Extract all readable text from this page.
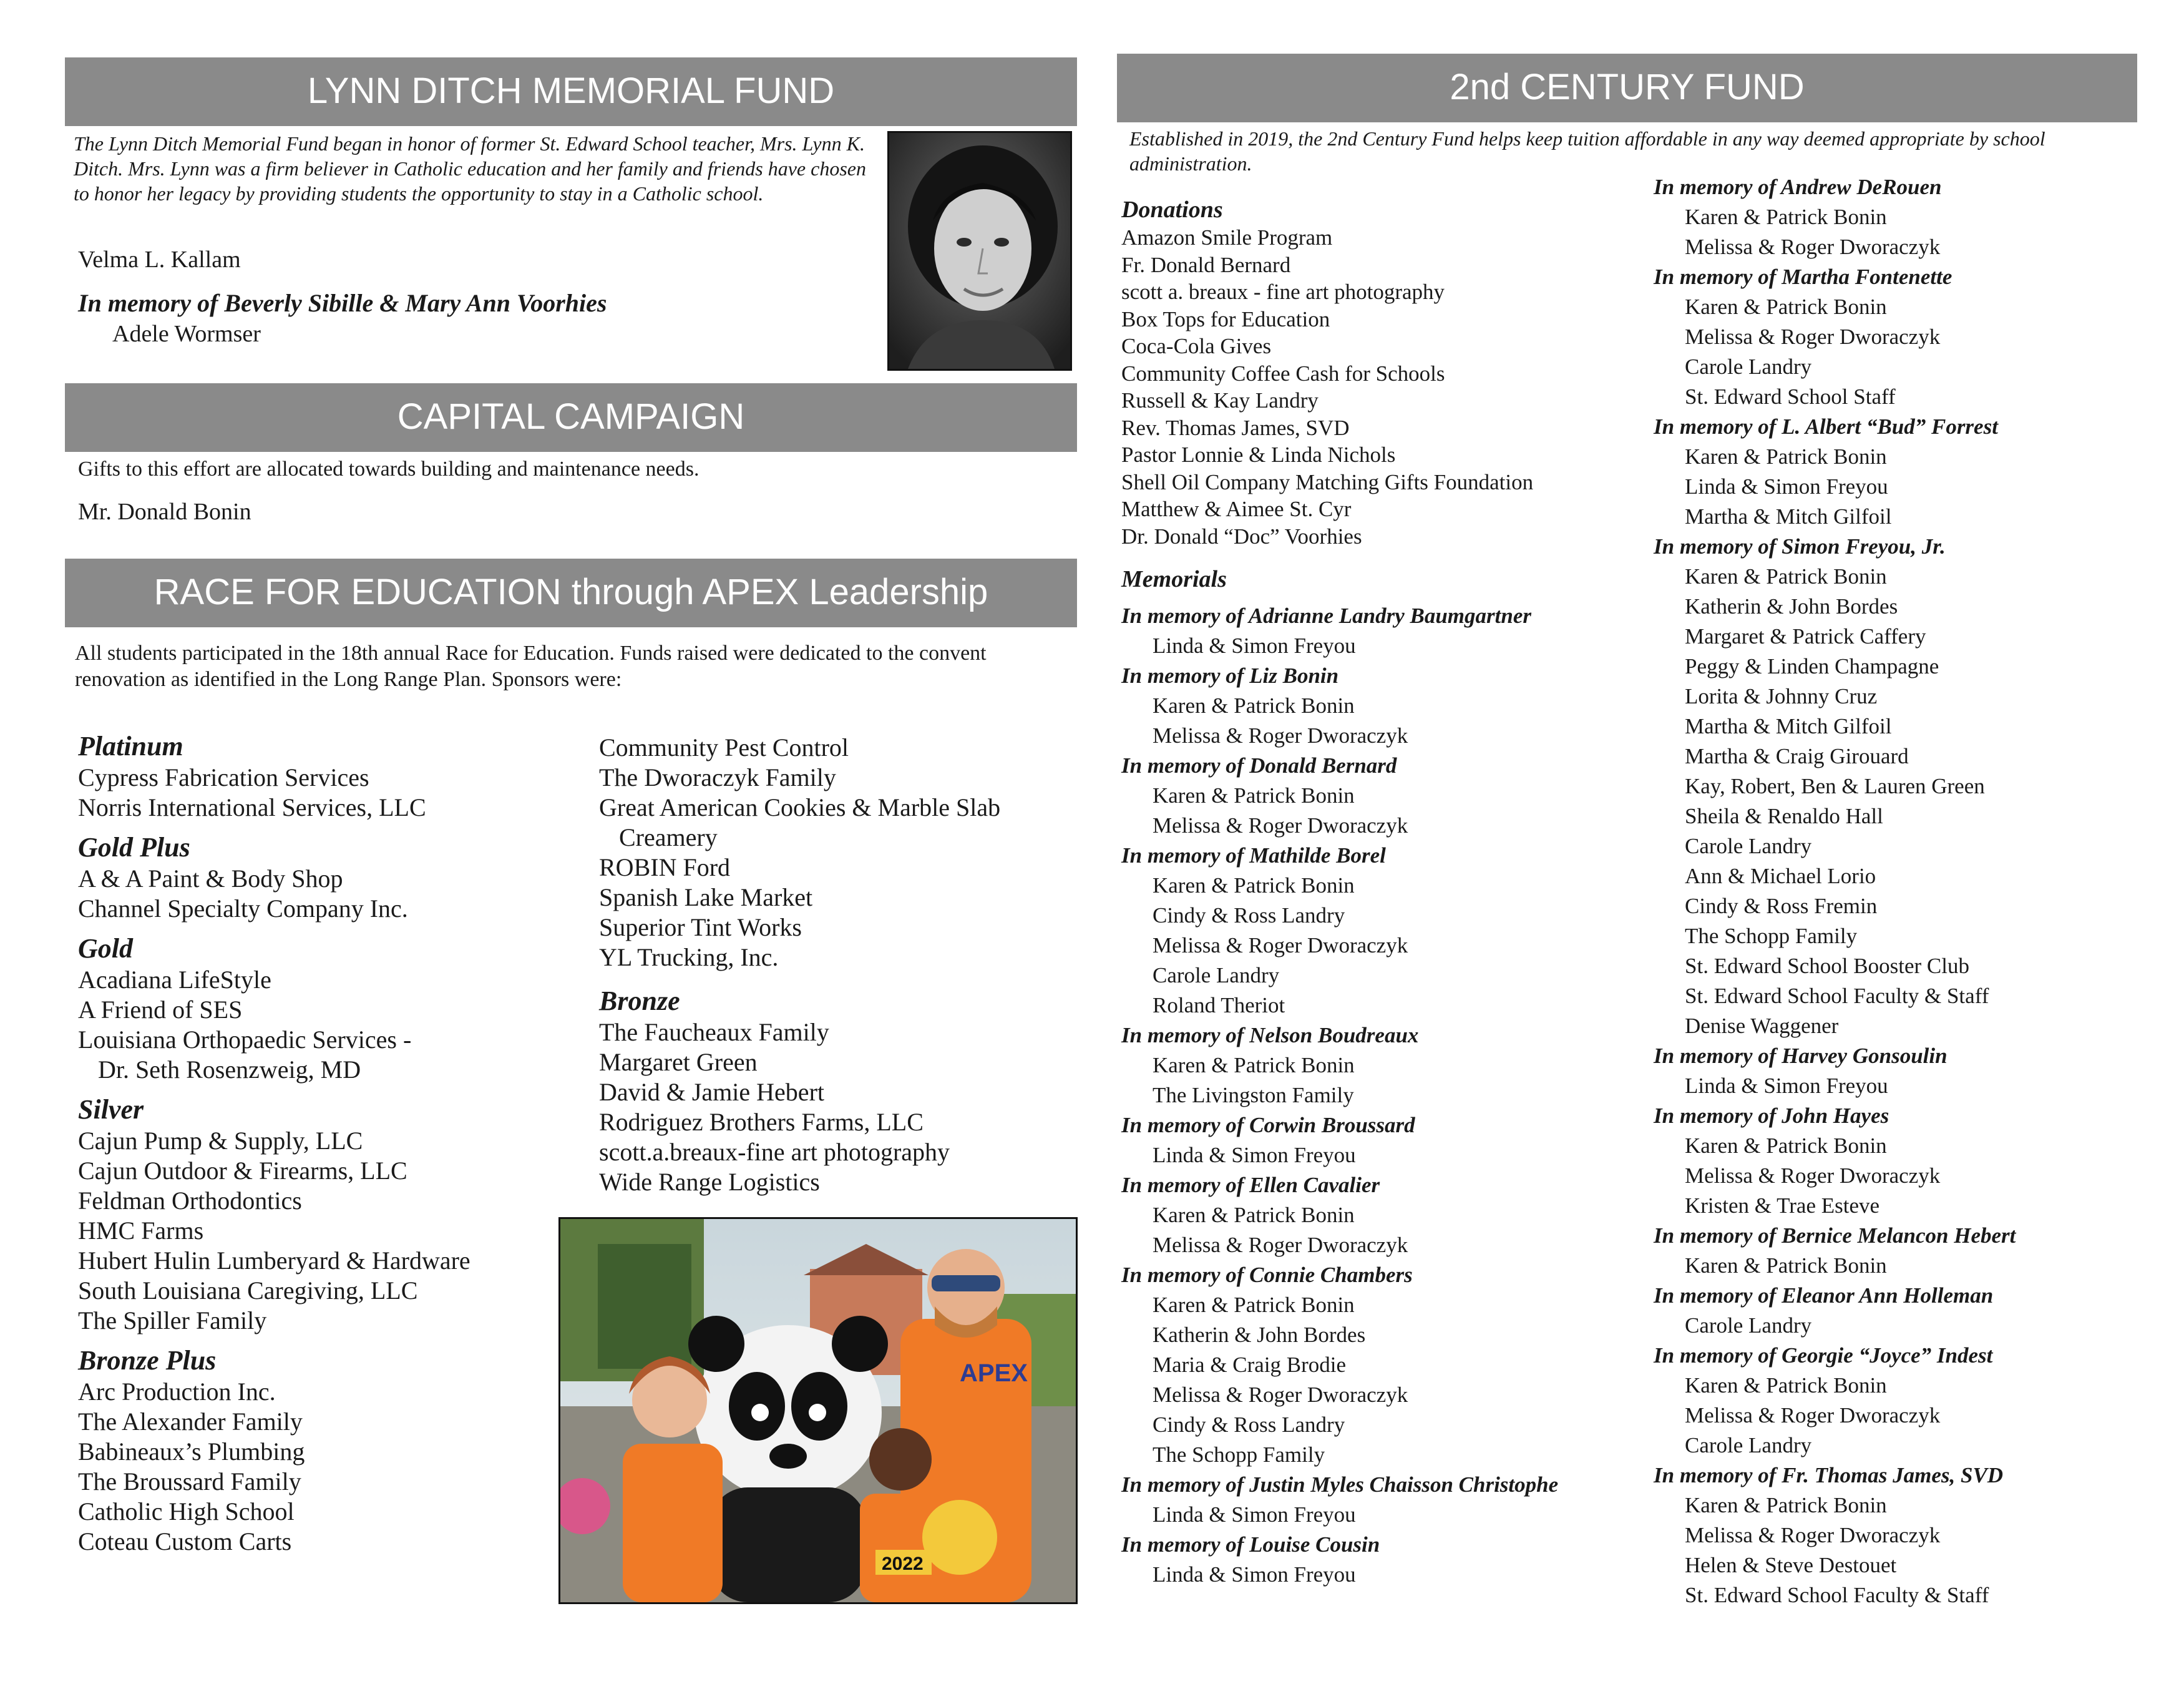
LYNN DITCH MEMORIAL FUND
The Lynn Ditch Memorial Fund began in honor of former St. Edward School teacher, Mrs. Lynn K. Ditch. Mrs. Lynn was a firm believer in Catholic education and her family and friends have chosen to honor her legacy by providing students the opportunity to stay in a Catholic school.
Velma L. Kallam
In memory of Beverly Sibille & Mary Ann Voorhies
Adele Wormser
CAPITAL CAMPAIGN
Gifts to this effort are allocated towards building and maintenance needs.
Mr. Donald Bonin
RACE FOR EDUCATION through APEX Leadership
All students participated in the 18th annual Race for Education. Funds raised were dedicated to the convent renovation as identified in the Long Range Plan. Sponsors were:
Platinum
Cypress Fabrication Services
Norris International Services, LLC
Gold Plus
A & A Paint & Body Shop
Channel Specialty Company Inc.
Gold
Acadiana LifeStyle
A Friend of SES
Louisiana Orthopaedic Services -
Dr. Seth Rosenzweig, MD
Silver
Cajun Pump & Supply, LLC
Cajun Outdoor & Firearms, LLC
Feldman Orthodontics
HMC Farms
Hubert Hulin Lumberyard & Hardware
South Louisiana Caregiving, LLC
The Spiller Family
Bronze Plus
Arc Production Inc.
The Alexander Family
Babineaux’s Plumbing
The Broussard Family
Catholic High School
Coteau Custom Carts
Community Pest Control
The Dworaczyk Family
Great American Cookies & Marble Slab
Creamery
ROBIN Ford
Spanish Lake Market
Superior Tint Works
YL Trucking, Inc.
Bronze
The Faucheaux Family
Margaret Green
David & Jamie Hebert
Rodriguez Brothers Farms, LLC
scott.a.breaux-fine art photography
Wide Range Logistics
APEX
2022
2nd CENTURY FUND
Established in 2019, the 2nd Century Fund helps keep tuition affordable in any way deemed appropriate by school administration.
Donations
Amazon Smile Program
Fr. Donald Bernard
scott a. breaux - fine art photography
Box Tops for Education
Coca-Cola Gives
Community Coffee Cash for Schools
Russell & Kay Landry
Rev. Thomas James, SVD
Pastor Lonnie & Linda Nichols
Shell Oil Company Matching Gifts Foundation
Matthew & Aimee St. Cyr
Dr. Donald “Doc” Voorhies
Memorials
In memory of Adrianne Landry Baumgartner
Linda & Simon Freyou
In memory of Liz Bonin
Karen & Patrick Bonin
Melissa & Roger Dworaczyk
In memory of Donald Bernard
Karen & Patrick Bonin
Melissa & Roger Dworaczyk
In memory of Mathilde Borel
Karen & Patrick Bonin
Cindy & Ross Landry
Melissa & Roger Dworaczyk
Carole Landry
Roland Theriot
In memory of Nelson Boudreaux
Karen & Patrick Bonin
The Livingston Family
In memory of Corwin Broussard
Linda & Simon Freyou
In memory of Ellen Cavalier
Karen & Patrick Bonin
Melissa & Roger Dworaczyk
In memory of Connie Chambers
Karen & Patrick Bonin
Katherin & John Bordes
Maria & Craig Brodie
Melissa & Roger Dworaczyk
Cindy & Ross Landry
The Schopp Family
In memory of Justin Myles Chaisson Christophe
Linda & Simon Freyou
In memory of Louise Cousin
Linda & Simon Freyou
In memory of Andrew DeRouen
Karen & Patrick Bonin
Melissa & Roger Dworaczyk
In memory of Martha Fontenette
Karen & Patrick Bonin
Melissa & Roger Dworaczyk
Carole Landry
St. Edward School Staff
In memory of L. Albert “Bud” Forrest
Karen & Patrick Bonin
Linda & Simon Freyou
Martha & Mitch Gilfoil
In memory of Simon Freyou, Jr.
Karen & Patrick Bonin
Katherin & John Bordes
Margaret & Patrick Caffery
Peggy & Linden Champagne
Lorita & Johnny Cruz
Martha & Mitch Gilfoil
Martha & Craig Girouard
Kay, Robert, Ben & Lauren Green
Sheila & Renaldo Hall
Carole Landry
Ann & Michael Lorio
Cindy & Ross Fremin
The Schopp Family
St. Edward School Booster Club
St. Edward School Faculty & Staff
Denise Waggener
In memory of Harvey Gonsoulin
Linda & Simon Freyou
In memory of John Hayes
Karen & Patrick Bonin
Melissa & Roger Dworaczyk
Kristen & Trae Esteve
In memory of Bernice Melancon Hebert
Karen & Patrick Bonin
In memory of Eleanor Ann Holleman
Carole Landry
In memory of Georgie “Joyce” Indest
Karen & Patrick Bonin
Melissa & Roger Dworaczyk
Carole Landry
In memory of Fr. Thomas James, SVD
Karen & Patrick Bonin
Melissa & Roger Dworaczyk
Helen & Steve Destouet
St. Edward School Faculty & Staff
